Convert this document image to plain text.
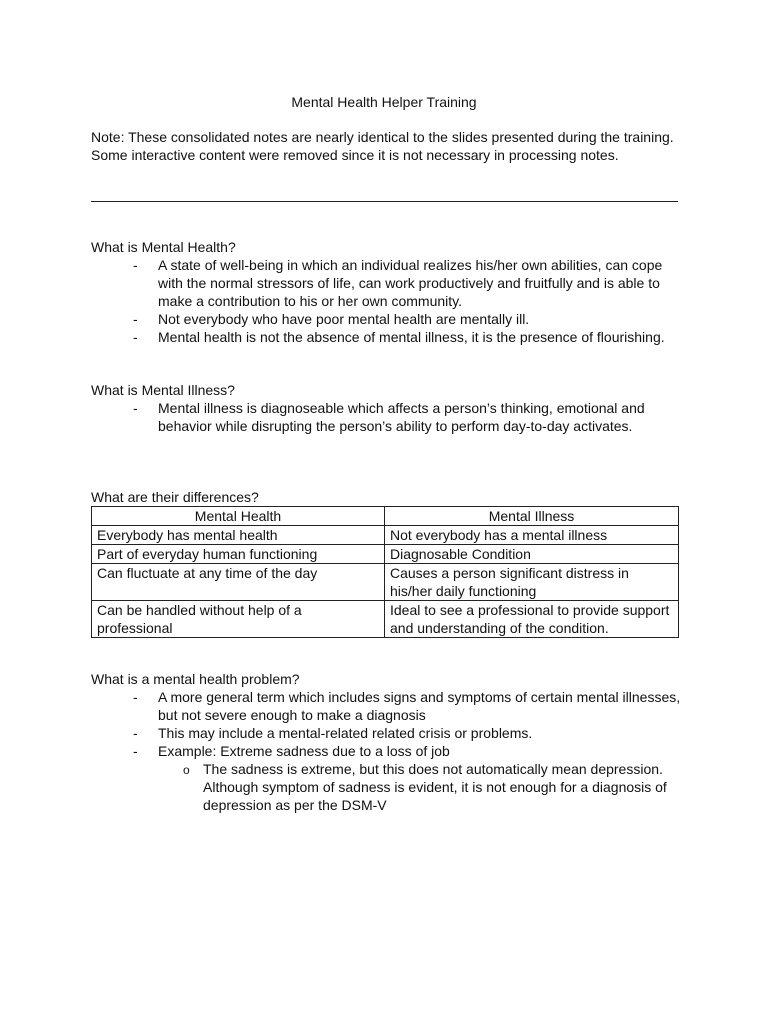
Mental Health Helper Training
Note: These consolidated notes are nearly identical to the slides presented during the training. Some interactive content were removed since it is not necessary in processing notes.
What is Mental Health?
- A state of well-being in which an individual realizes his/her own abilities, can cope with the normal stressors of life, can work productively and fruitfully and is able to make a contribution to his or her own community.
- Not everybody who have poor mental health are mentally ill.
- Mental health is not the absence of mental illness, it is the presence of flourishing.
What is Mental Illness?
- Mental illness is diagnoseable which affects a person’s thinking, emotional and behavior while disrupting the person’s ability to perform day-to-day activates.
What are their differences?
Mental Health	Mental Illness
Everybody has mental health	Not everybody has a mental illness
Part of everyday human functioning	Diagnosable Condition
Can fluctuate at any time of the day	Causes a person significant distress in his/her daily functioning
Can be handled without help of a professional	Ideal to see a professional to provide support and understanding of the condition.
What is a mental health problem?
- A more general term which includes signs and symptoms of certain mental illnesses, but not severe enough to make a diagnosis
- This may include a mental-related related crisis or problems.
- Example: Extreme sadness due to a loss of job
o The sadness is extreme, but this does not automatically mean depression. Although symptom of sadness is evident, it is not enough for a diagnosis of depression as per the DSM-V
